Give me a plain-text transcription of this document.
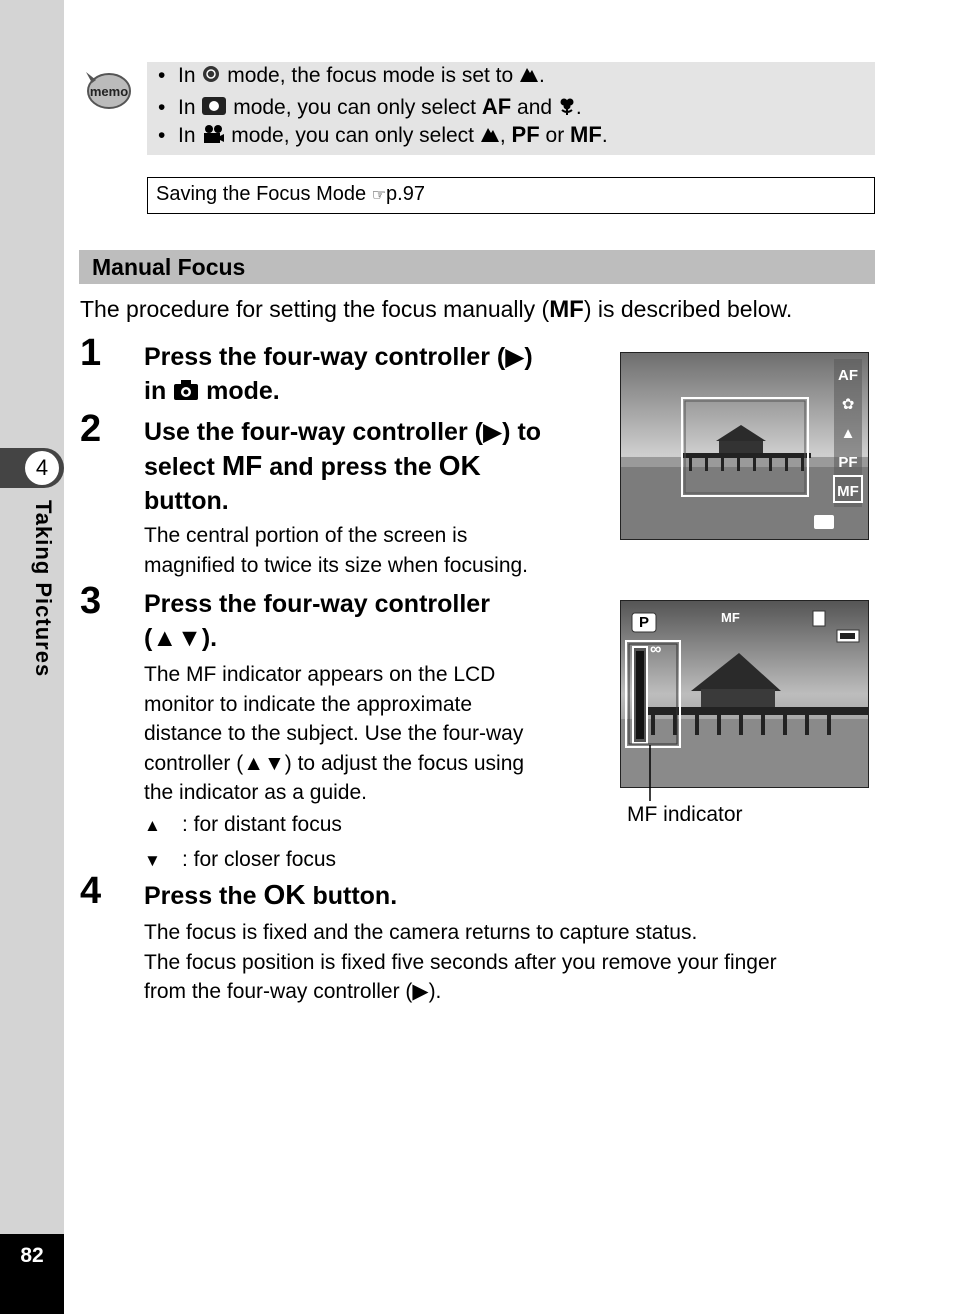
4
Taking Pictures
82
memo
• In mode, the focus mode is set to .
• In mode, you can only select AF and .
• In mode, you can only select , PF or MF.
Saving the Focus Mode ☞p.97
Manual Focus
The procedure for setting the focus manually (MF) is described below.
1 Press the four-way controller (▶)
in mode.
2 Use the four-way controller (▶) to
select MF and press the OK
button.
The central portion of the screen is
magnified to twice its size when focusing.
3 Press the four-way controller
(▲▼).
The MF indicator appears on the LCD
monitor to indicate the approximate
distance to the subject. Use the four-way
controller (▲▼) to adjust the focus using
the indicator as a guide.
▲ : for distant focus
▼ : for closer focus
4 Press the OK button.
The focus is fixed and the camera returns to capture status.
The focus position is fixed five seconds after you remove your finger
from the four-way controller (▶).
AF
✿
▲
PF
MF
P	MF
∞
MF indicator
